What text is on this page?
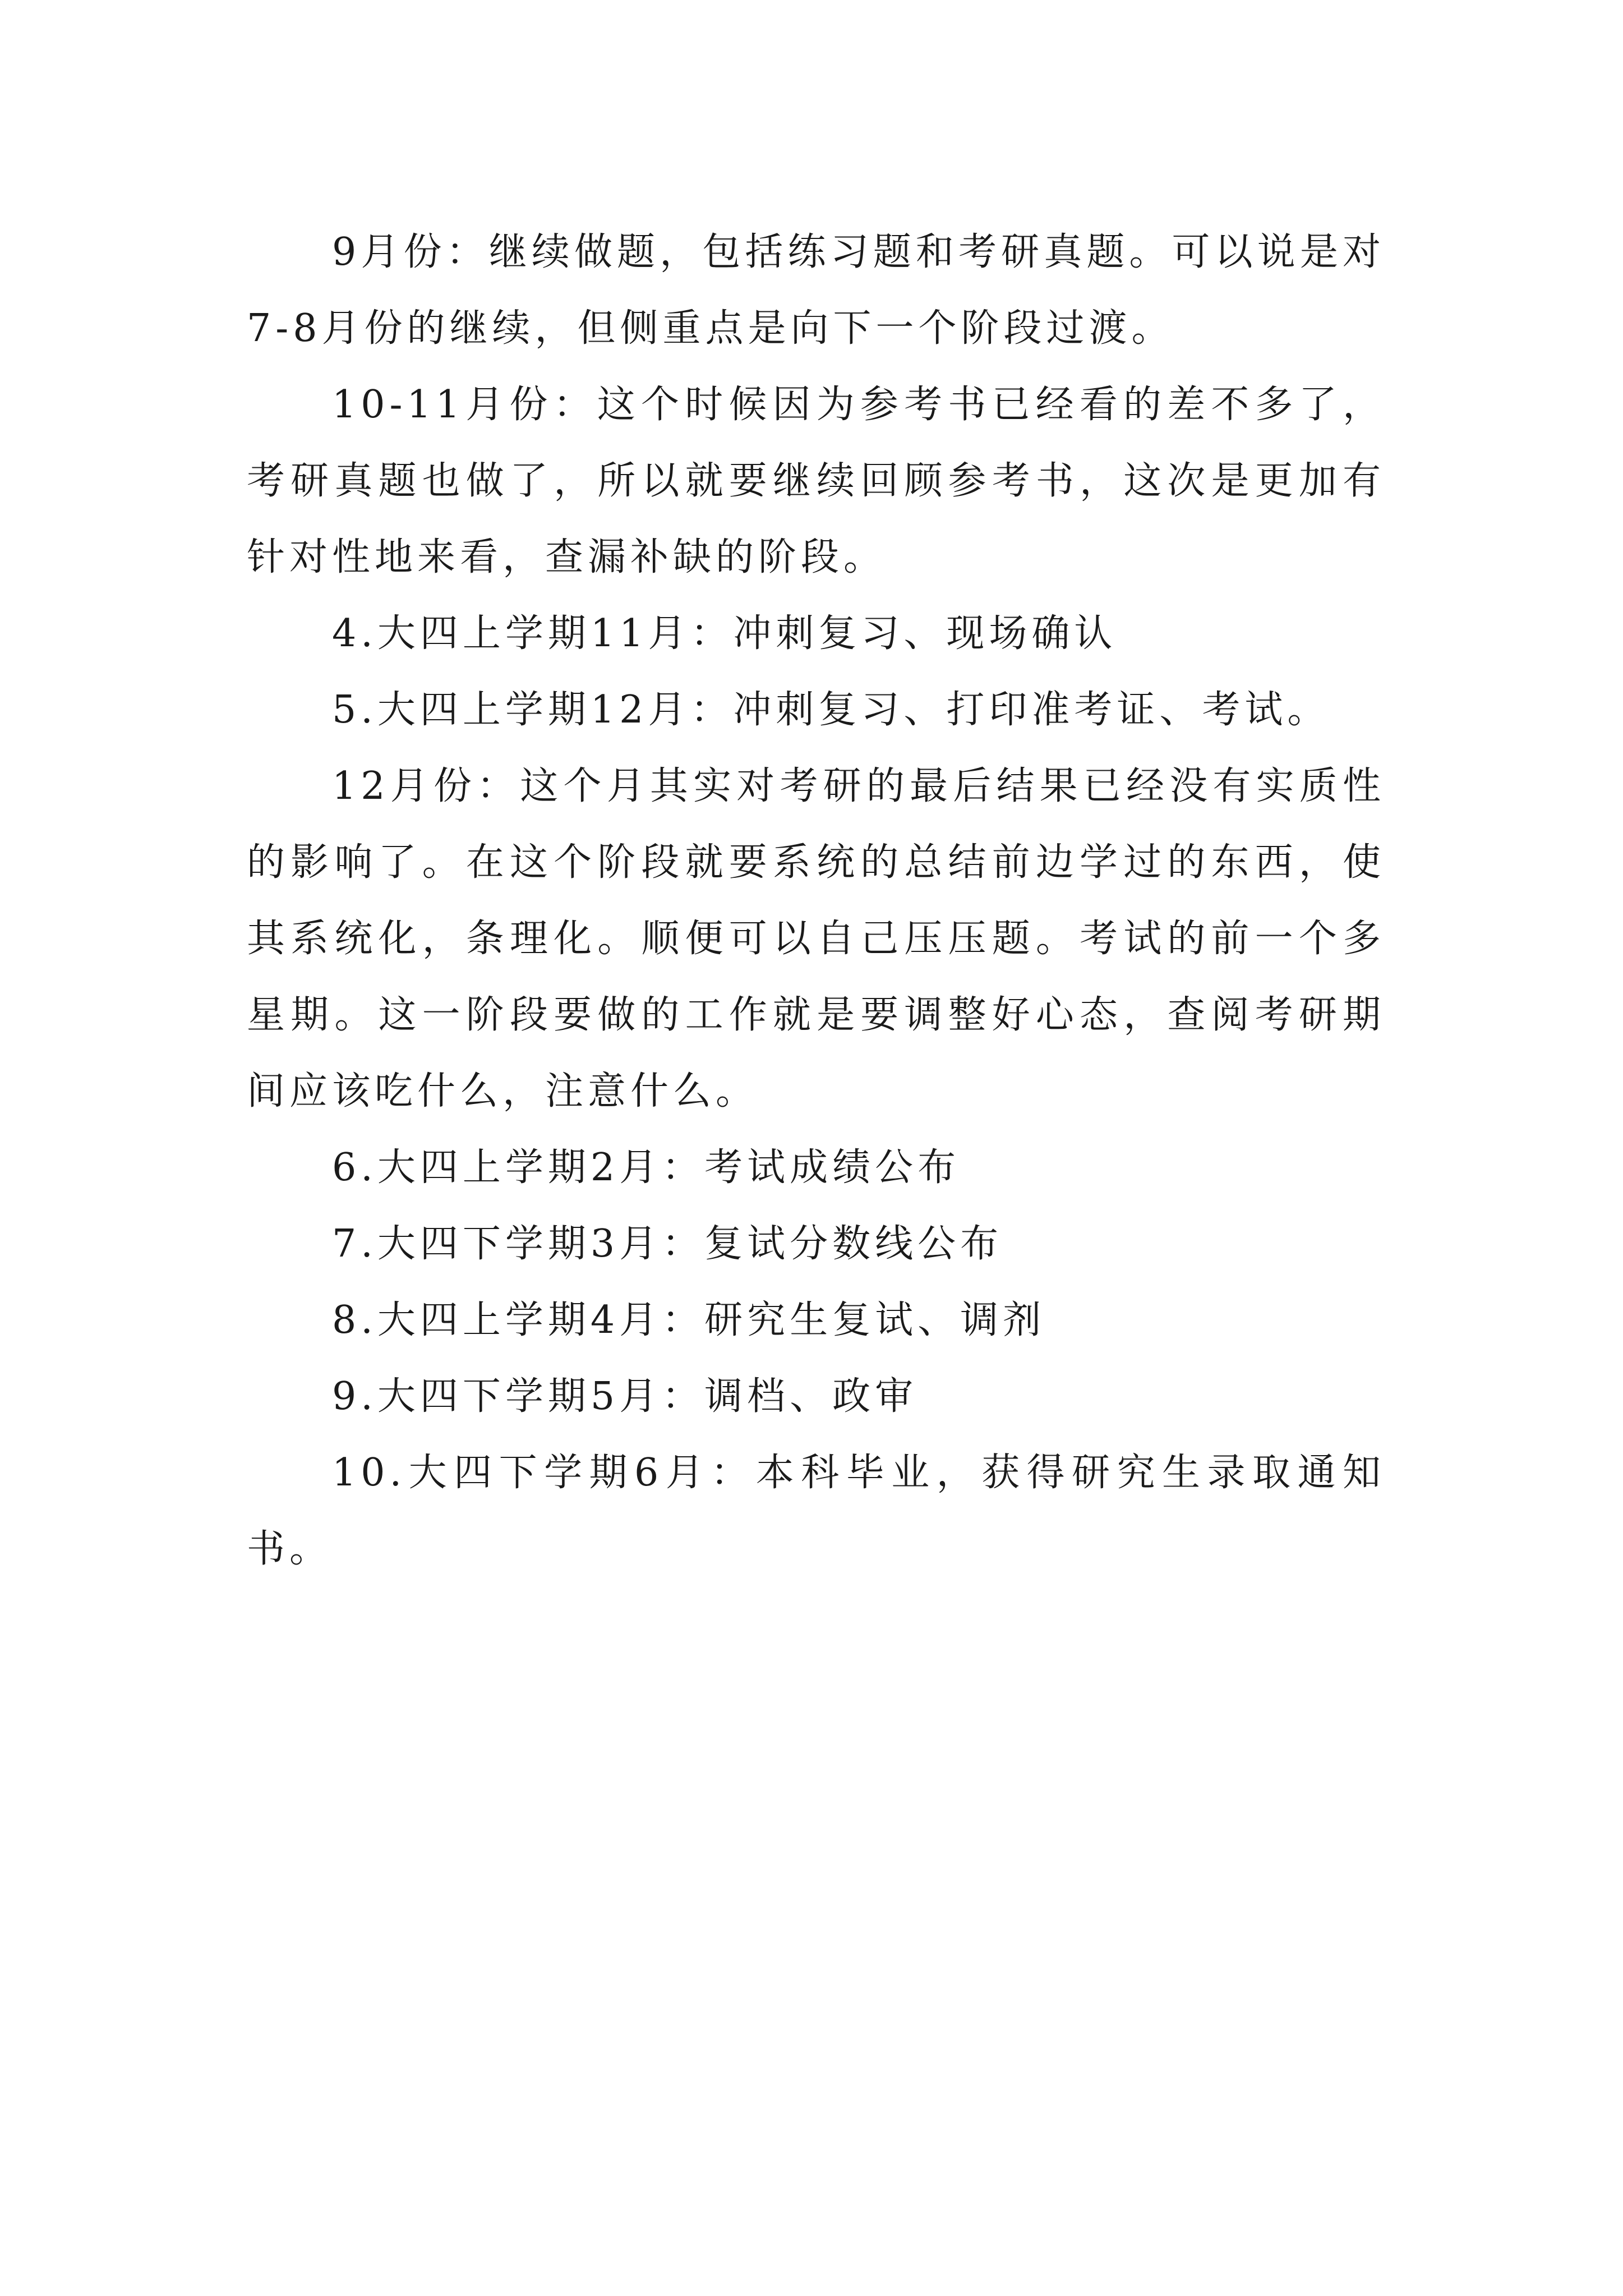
9月份：继续做题，包括练习题和考研真题。可以说是对7-8月份的继续，但侧重点是向下一个阶段过渡。

10-11月份：这个时候因为参考书已经看的差不多了，考研真题也做了，所以就要继续回顾参考书，这次是更加有针对性地来看，查漏补缺的阶段。

4.大四上学期11月：冲刺复习、现场确认

5.大四上学期12月：冲刺复习、打印准考证、考试。

12月份：这个月其实对考研的最后结果已经没有实质性的影响了。在这个阶段就要系统的总结前边学过的东西，使其系统化，条理化。顺便可以自己压压题。考试的前一个多星期。这一阶段要做的工作就是要调整好心态，查阅考研期间应该吃什么，注意什么。

6.大四上学期2月：考试成绩公布

7.大四下学期3月：复试分数线公布

8.大四上学期4月：研究生复试、调剂

9.大四下学期5月：调档、政审

10.大四下学期6月：本科毕业，获得研究生录取通知书。
